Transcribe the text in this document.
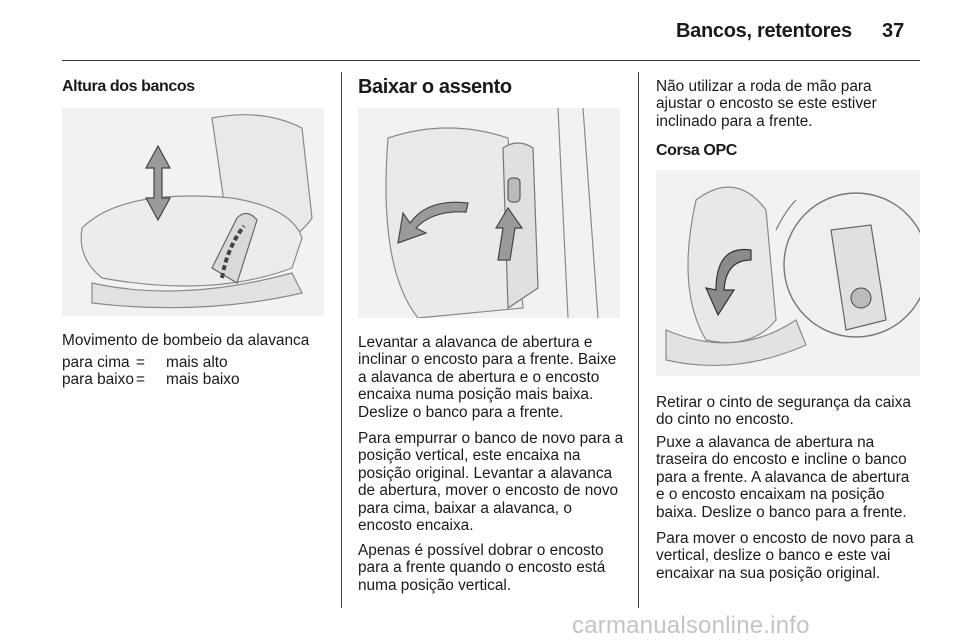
Bancos, retentores 37
Altura dos bancos
Movimento de bombeio da alavanca
para cima =	mais alto
para baixo =	mais baixo
Baixar o assento

Levantar a alavanca de abertura e inclinar o encosto para a frente. Baixe a alavanca de abertura e o encosto encaixa numa posição mais baixa. Deslize o banco para a frente.

Para empurrar o banco de novo para a posição vertical, este encaixa na posição original. Levantar a alavanca de abertura, mover o encosto de novo para cima, baixar a alavanca, o encosto encaixa.

Apenas é possível dobrar o encosto para a frente quando o encosto está numa posição vertical.

Não utilizar a roda de mão para ajustar o encosto se este estiver inclinado para a frente.

Corsa OPC

Retirar o cinto de segurança da caixa do cinto no encosto.

Puxe a alavanca de abertura na traseira do encosto e incline o banco para a frente. A alavanca de abertura e o encosto encaixam na posição baixa. Deslize o banco para a frente.

Para mover o encosto de novo para a vertical, deslize o banco e este vai encaixar na sua posição original.

carmanualsonline.info
